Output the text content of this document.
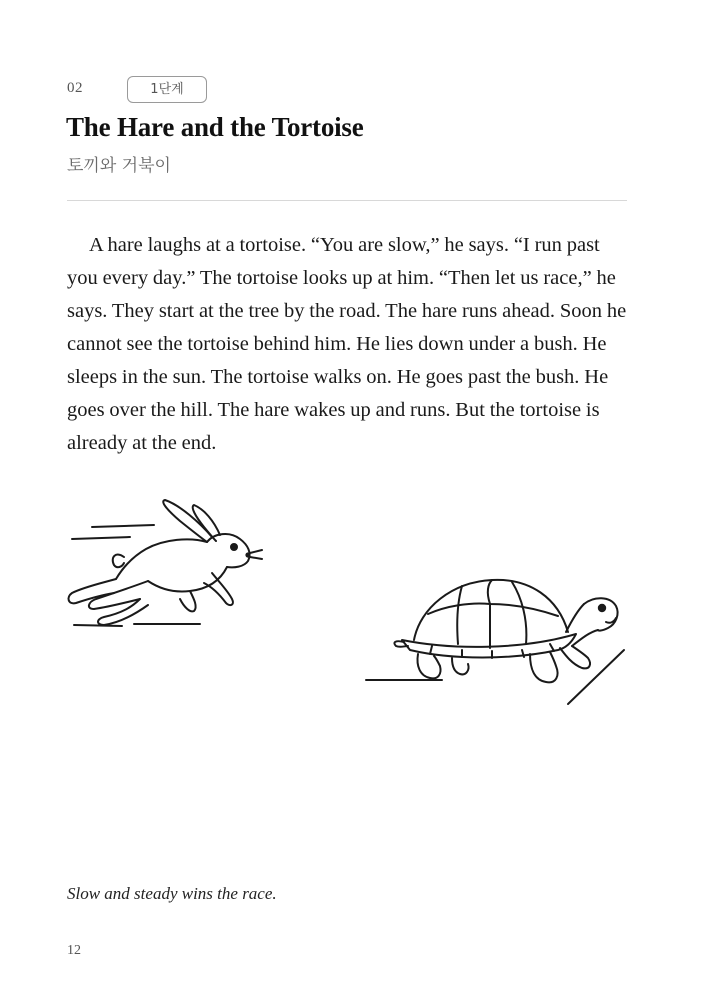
02	1단계
The Hare and the Tortoise
토끼와 거북이

A hare laughs at a tortoise. “You are slow,” he says. “I run past you every day.” The tortoise looks up at him. “Then let us race,” he says. They start at the tree by the road. The hare runs ahead. Soon he cannot see the tortoise behind him. He lies down under a bush. He sleeps in the sun. The tortoise walks on. He goes past the bush. He goes over the hill. The hare wakes up and runs. But the tortoise is already at the end.

Slow and steady wins the race.
12
